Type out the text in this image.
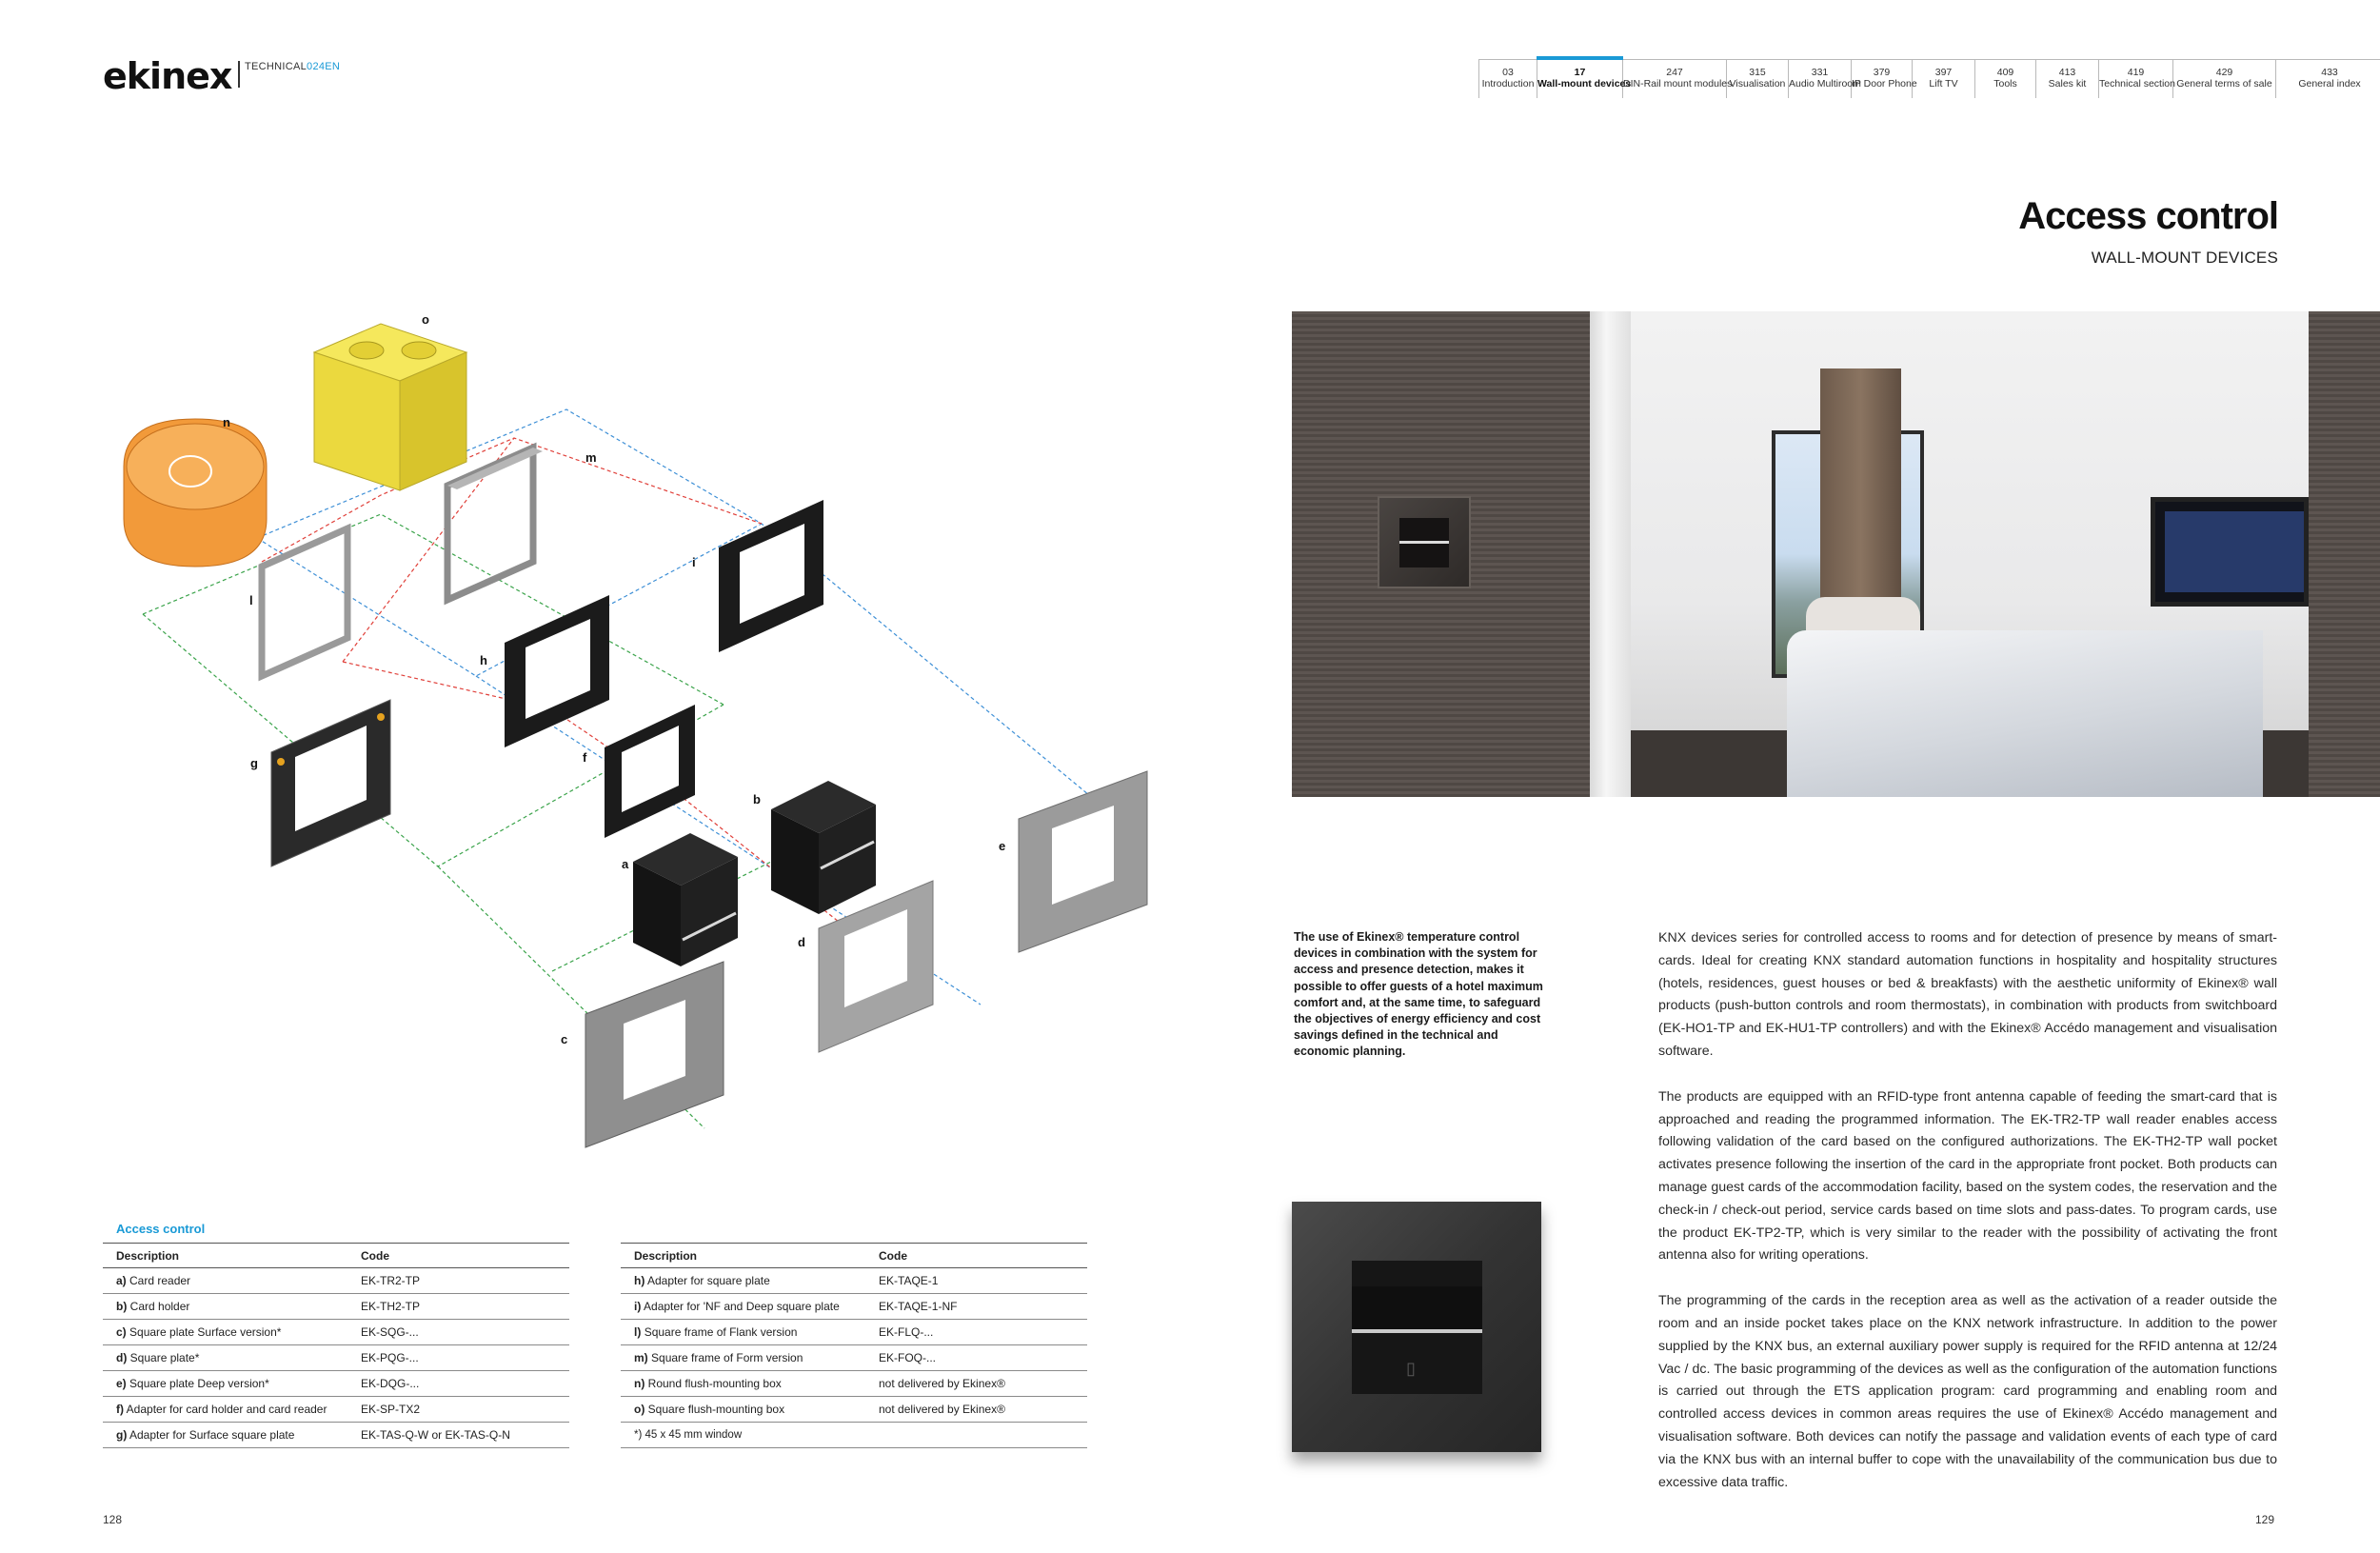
ekinex TECHNICAL024EN	03
Introduction
17
Wall-mount devices
247
DIN-Rail mount modules
315
Visualisation
331
Audio Multiroom
379
IP Door Phone
397
Lift TV
409
Tools
413
Sales kit
419
Technical section
429
General terms of sale
433
General index
Access control
WALL-MOUNT DEVICES
The use of Ekinex® temperature control devices in combination with the system for access and presence detection, makes it possible to offer guests of a hotel maximum comfort and, at the same time, to safeguard the objectives of energy efficiency and cost savings defined in the technical and economic planning.

KNX devices series for controlled access to rooms and for detection of presence by means of smart-cards. Ideal for creating KNX standard automation functions in hospitality and hospitality structures (hotels, residences, guest houses or bed & breakfasts) with the aesthetic uniformity of Ekinex® wall products (push-button controls and room thermostats), in combination with products from switchboard (EK-HO1-TP and EK-HU1-TP controllers) and with the Ekinex® Accédo management and visualisation software.

The products are equipped with an RFID-type front antenna capable of feeding the smart-card that is approached and reading the programmed information. The EK-TR2-TP wall reader enables access following validation of the card based on the configured authorizations. The EK-TH2-TP wall pocket activates presence following the insertion of the card in the appropriate front pocket. Both products can manage guest cards of the accommodation facility, based on the system codes, the reservation and the check-in / check-out period, service cards based on time slots and pass-dates. To program cards, use the product EK-TP2-TP, which is very similar to the reader with the possibility of activating the front antenna also for writing operations.

The programming of the cards in the reception area as well as the activation of a reader outside the room and an inside pocket takes place on the KNX network infrastructure. In addition to the power supplied by the KNX bus, an external auxiliary power supply is required for the RFID antenna at 12/24 Vac / dc. The basic programming of the devices as well as the configuration of the automation functions is carried out through the ETS application program: card programming and enabling room and controlled access devices in common areas requires the use of Ekinex® Accédo management and visualisation software. Both devices can notify the passage and validation events of each type of card via the KNX bus with an internal buffer to cope with the unavailability of the communication bus due to excessive data traffic.

▯
o
n
m
l
i
h
g	f
b
a
e
d
c
Access control
Description	Code
a) Card reader	EK-TR2-TP
b) Card holder	EK-TH2-TP
c) Square plate Surface version*	EK-SQG-...
d) Square plate*	EK-PQG-...
e) Square plate Deep version*	EK-DQG-...
f) Adapter for card holder and card reader	EK-SP-TX2
g) Adapter for Surface square plate	EK-TAS-Q-W or EK-TAS-Q-N
Description	Code
h) Adapter for square plate	EK-TAQE-1
i) Adapter for 'NF and Deep square plate	EK-TAQE-1-NF
l) Square frame of Flank version	EK-FLQ-...
m) Square frame of Form version	EK-FOQ-...
n) Round flush-mounting box	not delivered by Ekinex®
o) Square flush-mounting box	not delivered by Ekinex®
*) 45 x 45 mm window	
128	129
